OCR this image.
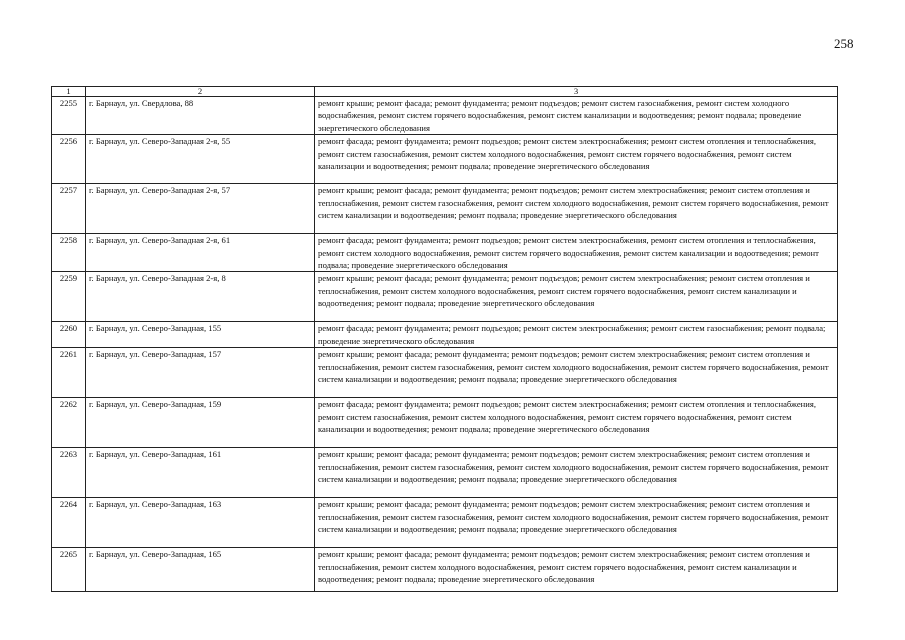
258
1	2	3
2255	г. Барнаул, ул. Свердлова, 88	ремонт крыши; ремонт фасада; ремонт фундамента; ремонт подъездов; ремонт систем газоснабжения, ремонт систем холодного водоснабжения, ремонт систем горячего водоснабжения, ремонт систем канализации и водоотведения; ремонт подвала; проведение энергетического обследования
2256	г. Барнаул, ул. Северо-Западная 2-я, 55	ремонт фасада; ремонт фундамента; ремонт подъездов; ремонт систем электроснабжения; ремонт систем отопления и теплоснабжения, ремонт систем газоснабжения, ремонт систем холодного водоснабжения, ремонт систем горячего водоснабжения, ремонт систем канализации и водоотведения; ремонт подвала; проведение энергетического обследования
2257	г. Барнаул, ул. Северо-Западная 2-я, 57	ремонт крыши; ремонт фасада; ремонт фундамента; ремонт подъездов; ремонт систем электроснабжения; ремонт систем отопления и теплоснабжения, ремонт систем газоснабжения, ремонт систем холодного водоснабжения, ремонт систем горячего водоснабжения, ремонт систем канализации и водоотведения; ремонт подвала; проведение энергетического обследования
2258	г. Барнаул, ул. Северо-Западная 2-я, 61	ремонт фасада; ремонт фундамента; ремонт подъездов; ремонт систем электроснабжения, ремонт систем отопления и теплоснабжения, ремонт систем холодного водоснабжения, ремонт систем горячего водоснабжения, ремонт систем канализации и водоотведения; ремонт подвала; проведение энергетического обследования
2259	г. Барнаул, ул. Северо-Западная 2-я, 8	ремонт крыши; ремонт фасада; ремонт фундамента; ремонт подъездов; ремонт систем электроснабжения; ремонт систем отопления и теплоснабжения, ремонт систем холодного водоснабжения, ремонт систем горячего водоснабжения, ремонт систем канализации и водоотведения; ремонт подвала; проведение энергетического обследования
2260	г. Барнаул, ул. Северо-Западная, 155	ремонт фасада; ремонт фундамента; ремонт подъездов; ремонт систем электроснабжения; ремонт систем газоснабжения; ремонт подвала; проведение энергетического обследования
2261	г. Барнаул, ул. Северо-Западная, 157	ремонт крыши; ремонт фасада; ремонт фундамента; ремонт подъездов; ремонт систем электроснабжения; ремонт систем отопления и теплоснабжения, ремонт систем газоснабжения, ремонт систем холодного водоснабжения, ремонт систем горячего водоснабжения, ремонт систем канализации и водоотведения; ремонт подвала; проведение энергетического обследования
2262	г. Барнаул, ул. Северо-Западная, 159	ремонт фасада; ремонт фундамента; ремонт подъездов; ремонт систем электроснабжения; ремонт систем отопления и теплоснабжения, ремонт систем газоснабжения, ремонт систем холодного водоснабжения, ремонт систем горячего водоснабжения, ремонт систем канализации и водоотведения; ремонт подвала; проведение энергетического обследования
2263	г. Барнаул, ул. Северо-Западная, 161	ремонт крыши; ремонт фасада; ремонт фундамента; ремонт подъездов; ремонт систем электроснабжения; ремонт систем отопления и теплоснабжения, ремонт систем газоснабжения, ремонт систем холодного водоснабжения, ремонт систем горячего водоснабжения, ремонт систем канализации и водоотведения; ремонт подвала; проведение энергетического обследования
2264	г. Барнаул, ул. Северо-Западная, 163	ремонт крыши; ремонт фасада; ремонт фундамента; ремонт подъездов; ремонт систем электроснабжения; ремонт систем отопления и теплоснабжения, ремонт систем газоснабжения, ремонт систем холодного водоснабжения, ремонт систем горячего водоснабжения, ремонт систем канализации и водоотведения; ремонт подвала; проведение энергетического обследования
2265	г. Барнаул, ул. Северо-Западная, 165	ремонт крыши; ремонт фасада; ремонт фундамента; ремонт подъездов; ремонт систем электроснабжения; ремонт систем отопления и теплоснабжения, ремонт систем холодного водоснабжения, ремонт систем горячего водоснабжения, ремонт систем канализации и водоотведения; ремонт подвала; проведение энергетического обследования
